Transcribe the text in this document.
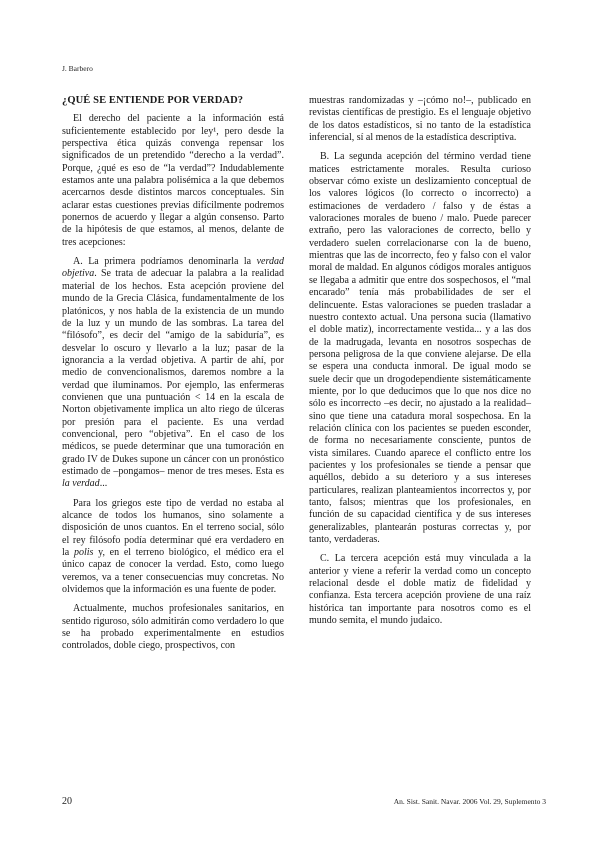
J. Barbero
¿QUÉ SE ENTIENDE POR VERDAD?

El derecho del paciente a la información está suficientemente establecido por ley¹, pero desde la perspectiva ética quizás convenga repensar los significados de un pretendido “derecho a la verdad”. Porque, ¿qué es eso de “la verdad”? Indudablemente estamos ante una palabra polisémica a la que debemos acercarnos desde distintos marcos conceptuales. Sin aclarar estas cuestiones previas difícilmente podremos ponernos de acuerdo y llegar a algún consenso. Parto de la hipótesis de que estamos, al menos, delante de tres acepciones:

A. La primera podríamos denominarla la verdad objetiva. Se trata de adecuar la palabra a la realidad material de los hechos. Esta acepción proviene del mundo de la Grecia Clásica, fundamentalmente de los platónicos, y nos habla de la existencia de un mundo de la luz y un mundo de las sombras. La tarea del “filósofo”, es decir del “amigo de la sabiduría”, es desvelar lo oscuro y llevarlo a la luz; pasar de la ignorancia a la verdad objetiva. A partir de ahí, por medio de convencionalismos, daremos nombre a la verdad que iluminamos. Por ejemplo, las enfermeras convienen que una puntuación < 14 en la escala de Norton objetivamente implica un alto riego de úlceras por presión para el paciente. Es una verdad convencional, pero “objetiva”. En el caso de los médicos, se puede determinar que una tumoración en grado IV de Dukes supone un cáncer con un pronóstico estimado de –pongamos– menor de tres meses. Esta es la verdad...

Para los griegos este tipo de verdad no estaba al alcance de todos los humanos, sino solamente a disposición de unos cuantos. En el terreno social, sólo el rey filósofo podía determinar qué era verdadero en la polis y, en el terreno biológico, el médico era el único capaz de conocer la verdad. Esto, como luego veremos, va a tener consecuencias muy concretas. No olvidemos que la información es una fuente de poder.

Actualmente, muchos profesionales sanitarios, en sentido riguroso, sólo admitirán como verdadero lo que se ha probado experimentalmente en estudios controlados, doble ciego, prospectivos, con

muestras randomizadas y –¡cómo no!–, publicado en revistas científicas de prestigio. Es el lenguaje objetivo de los datos estadísticos, si no tanto de la estadística inferencial, sí al menos de la estadística descriptiva.

B. La segunda acepción del término verdad tiene matices estrictamente morales. Resulta curioso observar cómo existe un deslizamiento conceptual de los valores lógicos (lo correcto o incorrecto) a estimaciones de verdadero / falso y de éstas a valoraciones morales de bueno / malo. Puede parecer extraño, pero las valoraciones de correcto, bello y verdadero suelen correlacionarse con la de bueno, mientras que las de incorrecto, feo y falso con el valor moral de maldad. En algunos códigos morales antiguos se llegaba a admitir que entre dos sospechosos, el “mal encarado” tenía más probabilidades de ser el delincuente. Estas valoraciones se pueden trasladar a nuestro contexto actual. Una persona sucia (llamativo el doble matiz), incorrectamente vestida... y a las dos de la madrugada, levanta en nosotros sospechas de persona peligrosa de la que conviene alejarse. De ella se espera una conducta inmoral. De igual modo se suele decir que un drogodependiente sistemáticamente miente, por lo que deducimos que lo que nos dice no sólo es incorrecto –es decir, no ajustado a la realidad– sino que tiene una catadura moral sospechosa. En la relación clínica con los pacientes se pueden esconder, de forma no necesariamente consciente, puntos de vista similares. Cuando aparece el conflicto entre los pacientes y los profesionales se tiende a pensar que aquéllos, debido a su deterioro y a sus intereses particulares, realizan planteamientos incorrectos y, por tanto, falsos; mientras que los profesionales, en función de su capacidad científica y de sus intereses generalizables, plantearán posturas correctas y, por tanto, verdaderas.

C. La tercera acepción está muy vinculada a la anterior y viene a referir la verdad como un concepto relacional desde el doble matiz de fidelidad y confianza. Esta tercera acepción proviene de una raíz histórica tan importante para nosotros como es el mundo semita, el mundo judaico.

20	An. Sist. Sanit. Navar. 2006 Vol. 29, Suplemento 3
